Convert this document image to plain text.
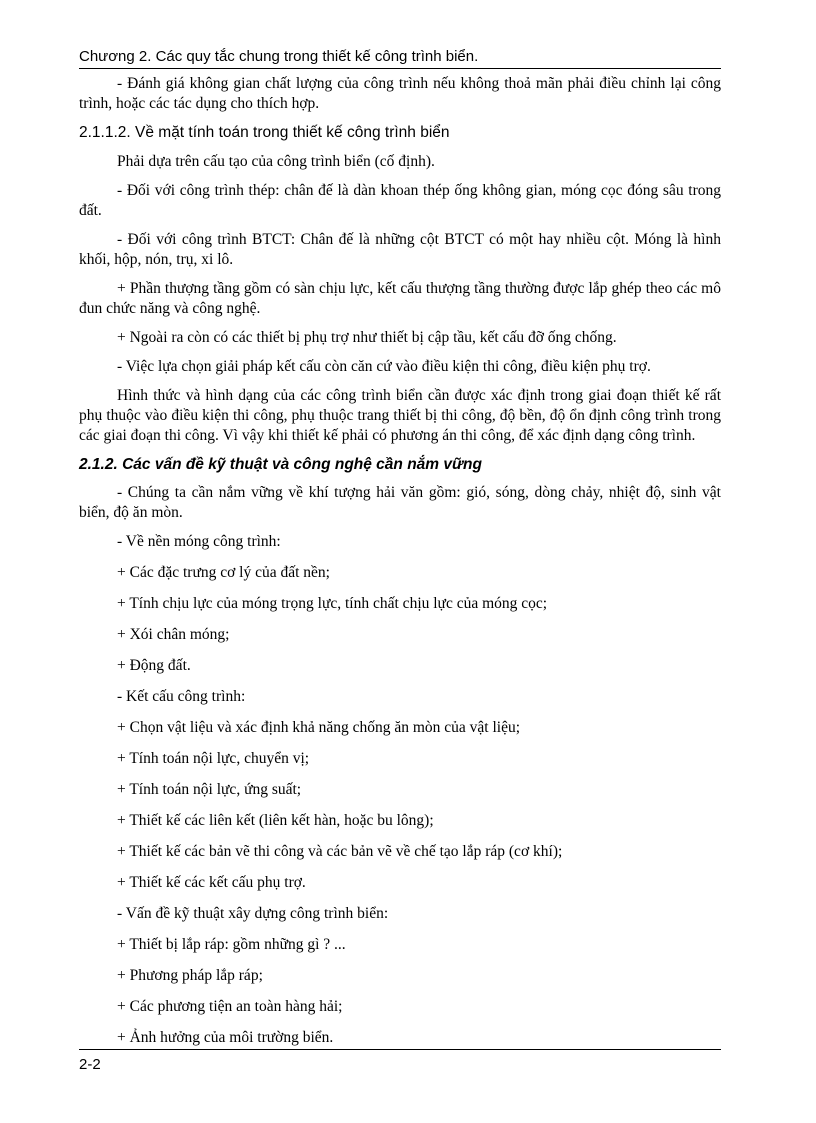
Chương 2. Các quy tắc chung trong thiết kế công trình biển.

- Đánh giá không gian chất lượng của công trình nếu không thoả mãn phải điều chỉnh lại công trình, hoặc các tác dụng cho thích hợp.

2.1.1.2. Về mặt tính toán trong thiết kế công trình biển

Phải dựa trên cấu tạo của công trình biển (cố định).

- Đối với công trình thép: chân đế là dàn khoan thép ống không gian, móng cọc đóng sâu trong đất.

- Đối với công trình BTCT: Chân đế là những cột BTCT có một hay nhiều cột. Móng là hình khối, hộp, nón, trụ, xi lô.

+ Phần thượng tầng gồm có sàn chịu lực, kết cấu thượng tầng thường được lắp ghép theo các mô đun chức năng và công nghệ.

+ Ngoài ra còn có các thiết bị phụ trợ như thiết bị cập tầu, kết cấu đỡ ống chống.

- Việc lựa chọn giải pháp kết cấu còn căn cứ vào điều kiện thi công, điều kiện phụ trợ.

Hình thức và hình dạng của các công trình biển cần được xác định trong giai đoạn thiết kế rất phụ thuộc vào điều kiện thi công, phụ thuộc trang thiết bị thi công, độ bền, độ ổn định công trình trong các giai đoạn thi công. Vì vậy khi thiết kế phải có phương án thi công, để xác định dạng công trình.

2.1.2. Các vấn đề kỹ thuật và công nghệ cần nắm vững

- Chúng ta cần nắm vững về khí tượng hải văn gồm: gió, sóng, dòng chảy, nhiệt độ, sinh vật biển, độ ăn mòn.

- Về nền móng công trình:

+ Các đặc trưng cơ lý của đất nền;

+ Tính chịu lực của móng trọng lực, tính chất chịu lực của móng cọc;

+ Xói chân móng;

+ Động đất.

- Kết cấu công trình:

+ Chọn vật liệu và xác định khả năng chống ăn mòn của vật liệu;

+ Tính toán nội lực, chuyển vị;

+ Tính toán nội lực, ứng suất;

+ Thiết kế các liên kết (liên kết hàn, hoặc bu lông);

+ Thiết kế các bản vẽ thi công và các bản vẽ về chế tạo lắp ráp (cơ khí);

+ Thiết kế các kết cấu phụ trợ.

- Vấn đề kỹ thuật xây dựng công trình biển:

+ Thiết bị lắp ráp: gồm những gì ? ...

+ Phương pháp lắp ráp;

+ Các phương tiện an toàn hàng hải;

+ Ảnh hưởng của môi trường biển.

2-2
